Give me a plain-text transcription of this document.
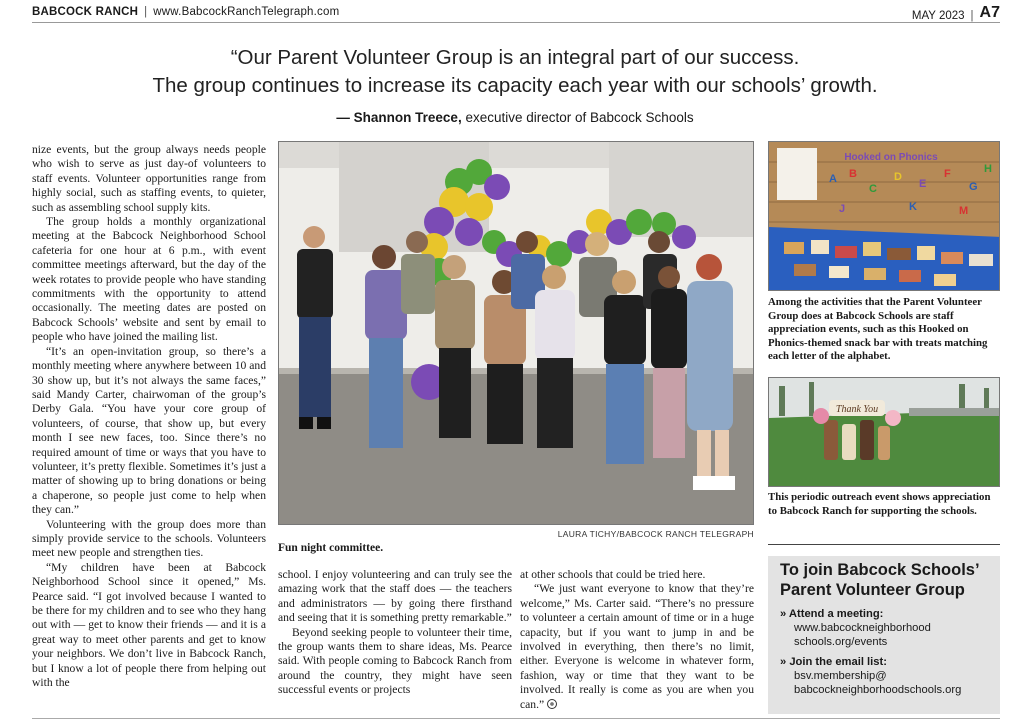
BABCOCK RANCH | www.BabcockRanchTelegraph.com	MAY 2023 | A7
“Our Parent Volunteer Group is an integral part of our success.
The group continues to increase its capacity each year with our schools’ growth.
— Shannon Treece, executive director of Babcock Schools

nize events, but the group always needs people who wish to serve as just day-of volunteers to staff events. Volunteer opportunities range from highly social, such as staffing events, to quieter, such as assembling school supply kits.

The group holds a monthly organizational meeting at the Babcock Neighborhood School cafeteria for one hour at 6 p.m., with event committee meetings afterward, but the day of the week rotates to provide people who have standing commitments with the opportunity to attend occasionally. The meeting dates are posted on Babcock Schools’ website and sent by email to people who have joined the mailing list.

“It’s an open-invitation group, so there’s a monthly meeting where anywhere between 10 and 30 show up, but it’s not always the same faces,” said Mandy Carter, chairwoman of the group’s Derby Gala. “You have your core group of volunteers, of course, that show up, but every month I see new faces, too. Since there’s no required amount of time or ways that you have to volunteer, it’s pretty flexible. Sometimes it’s just a matter of showing up to bring donations or being a chaperone, so people just come to help when they can.”

Volunteering with the group does more than simply provide service to the schools. Volunteers meet new people and strengthen ties.

“My children have been at Babcock Neighborhood School since it opened,” Ms. Pearce said. “I got involved because I wanted to be there for my children and to see who they hang out with — get to know their friends — and it is a great way to meet other parents and get to know your neighbors. We don’t live in Babcock Ranch, but I know a lot of people there from helping out with the

LAURA TICHY/BABCOCK RANCH TELEGRAPH
Fun night committee.

school. I enjoy volunteering and can truly see the amazing work that the staff does — the teachers and administrators — by going there firsthand and seeing that it is something pretty remarkable.”

Beyond seeking people to volunteer their time, the group wants them to share ideas, Ms. Pearce said. With people coming to Babcock Ranch from around the country, they might have seen successful events or projects

at other schools that could be tried here.

“We just want everyone to know that they’re welcome,” Ms. Carter said. “There’s no pressure to volunteer a certain amount of time or in a huge capacity, but if you want to jump in and be involved in everything, then there’s no limit, either. Everyone is welcome in whatever form, fashion, way or time that they want to be involved. It really is come as you are when you can.”

Hooked on Phonics
A B
C
D
E
F
G
H
J	K	M
Among the activities that the Parent Volunteer Group does at Babcock Schools are staff appreciation events, such as this Hooked on Phonics-themed snack bar with treats matching each letter of the alphabet.
Thank You
This periodic outreach event shows appreciation to Babcock Ranch for supporting the schools.
To join Babcock Schools’ Parent Volunteer Group
» Attend a meeting:
www.babcockneighborhood schools.org/events
» Join the email list:
bsv.membership@ babcockneighborhoodschools.org
